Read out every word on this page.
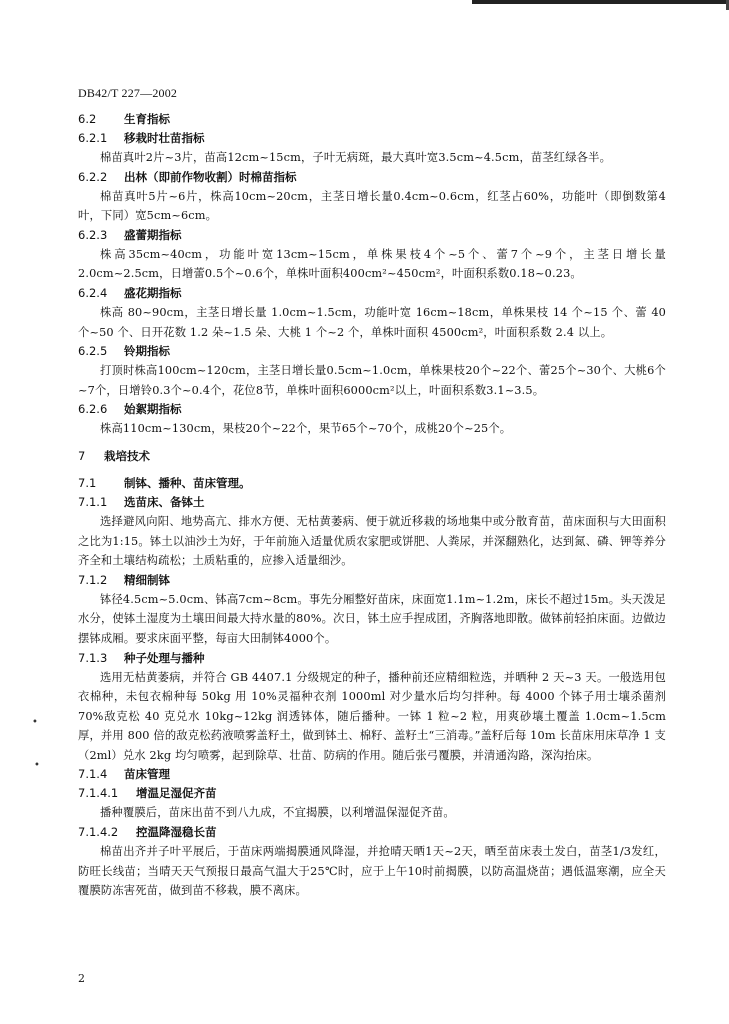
DB42/T 227—2002
6.2 生育指标
6.2.1 移栽时壮苗指标
棉苗真叶2片~3片，苗高12cm~15cm，子叶无病斑，最大真叶宽3.5cm~4.5cm，苗茎红绿各半。
6.2.2 出林（即前作物收割）时棉苗指标
棉苗真叶5片~6片，株高10cm~20cm，主茎日增长量0.4cm~0.6cm，红茎占60%，功能叶（即倒数第4叶，下同）宽5cm~6cm。
6.2.3 盛蕾期指标
株高35cm~40cm，功能叶宽13cm~15cm，单株果枝4个~5个、蕾7个~9个，主茎日增长量2.0cm~2.5cm，日增蕾0.5个~0.6个，单株叶面积400cm²~450cm²，叶面积系数0.18~0.23。
6.2.4 盛花期指标
株高 80~90cm，主茎日增长量 1.0cm~1.5cm，功能叶宽 16cm~18cm，单株果枝 14 个~15 个、蕾 40 个~50 个、日开花数 1.2 朵~1.5 朵、大桃 1 个~2 个，单株叶面积 4500cm²，叶面积系数 2.4 以上。
6.2.5 铃期指标
打顶时株高100cm~120cm，主茎日增长量0.5cm~1.0cm，单株果枝20个~22个、蕾25个~30个、大桃6个~7个，日增铃0.3个~0.4个，花位8节，单株叶面积6000cm²以上，叶面积系数3.1~3.5。
6.2.6 始絮期指标
株高110cm~130cm，果枝20个~22个，果节65个~70个，成桃20个~25个。
7 栽培技术
7.1 制钵、播种、苗床管理。
7.1.1 选苗床、备钵土
选择避风向阳、地势高亢、排水方便、无枯黄萎病、便于就近移栽的场地集中或分散育苗，苗床面积与大田面积之比为1:15。钵土以油沙土为好，于年前施入适量优质农家肥或饼肥、人粪尿，并深翻熟化，达到氮、磷、钾等养分齐全和土壤结构疏松；土质粘重的，应掺入适量细沙。
7.1.2 精细制钵
钵径4.5cm~5.0cm、钵高7cm~8cm。事先分厢整好苗床，床面宽1.1m~1.2m，床长不超过15m。头天泼足水分，使钵土湿度为土壤田间最大持水量的80%。次日，钵土应手捏成团，齐胸落地即散。做钵前轻拍床面。边做边摆钵成厢。要求床面平整，每亩大田制钵4000个。
7.1.3 种子处理与播种
选用无枯黄萎病，并符合 GB 4407.1 分级规定的种子，播种前还应精细粒选，并晒种 2 天~3 天。一般选用包衣棉种，未包衣棉种每 50kg 用 10%灵福种衣剂 1000ml 对少量水后均匀拌种。每 4000 个钵子用士壤杀菌剂 70%敌克松 40 克兑水 10kg~12kg 润透钵体，随后播种。一钵 1 粒~2 粒，用爽砂壤土覆盖 1.0cm~1.5cm 厚，并用 800 倍的敌克松药液喷雾盖籽土，做到钵土、棉籽、盖籽土“三消毒。”盖籽后每 10m 长苗床用床草净 1 支（2ml）兑水 2kg 均匀喷雾，起到除草、壮苗、防病的作用。随后张弓覆膜，并清通沟路，深沟抬床。
7.1.4 苗床管理
7.1.4.1 增温足湿促齐苗
播种覆膜后，苗床出苗不到八九成，不宜揭膜，以利增温保湿促齐苗。
7.1.4.2 控温降湿稳长苗
棉苗出齐并子叶平展后，于苗床两端揭膜通风降湿，并抢晴天晒1天~2天，晒至苗床表土发白，苗茎1/3发红，防旺长线苗；当晴天天气预报日最高气温大于25℃时，应于上午10时前揭膜，以防高温烧苗；遇低温寒潮，应全天覆膜防冻害死苗，做到苗不移栽，膜不离床。
•
•
2
